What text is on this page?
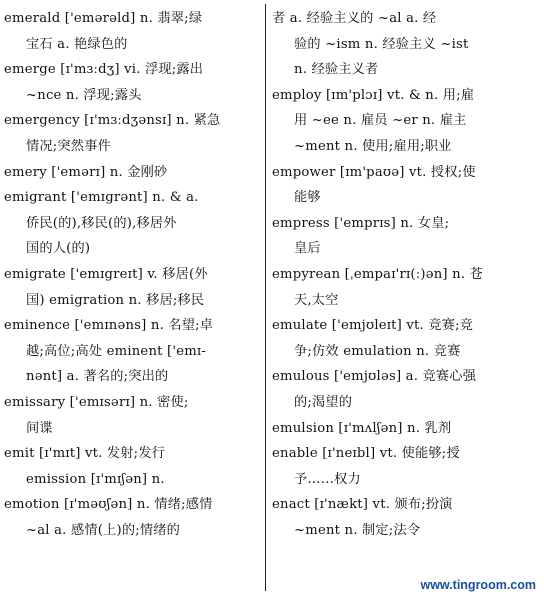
emerald ['emərəld] n. 翡翠;绿
宝石 a. 艳绿色的
emerge [ɪ'mɜːdʒ] vi. 浮现;露出
~nce n. 浮现;露头
emergency [ɪ'mɜːdʒənsɪ] n. 紧急
情况;突然事件
emery ['emərɪ] n. 金刚砂
emigrant ['emɪgrənt] n. & a.
侨民(的),移民(的),移居外
国的人(的)
emigrate ['emɪgreɪt] v. 移居(外
国) emigration n. 移居;移民
eminence ['emɪnəns] n. 名望;卓
越;高位;高处 eminent ['emɪ-
nənt] a. 著名的;突出的
emissary ['emɪsərɪ] n. 密使;
间谍
emit [ɪ'mɪt] vt. 发射;发行
emission [ɪ'mɪʃən] n.
emotion [ɪ'məʊʃən] n. 情绪;感情
~al a. 感情(上)的;情绪的
者 a. 经验主义的 ~al a. 经
验的 ~ism n. 经验主义 ~ist
n. 经验主义者
employ [ɪm'plɔɪ] vt. & n. 用;雇
用 ~ee n. 雇员 ~er n. 雇主
~ment n. 使用;雇用;职业
empower [ɪm'paʊə] vt. 授权;使
能够
empress ['emprɪs] n. 女皇;
皇后
empyrean [ˌempaɪ'rɪ(ː)ən] n. 苍
天,太空
emulate ['emjʊleɪt] vt. 竞赛;竞
争;仿效 emulation n. 竞赛
emulous ['emjʊləs] a. 竞赛心强
的;渴望的
emulsion [ɪ'mʌlʃən] n. 乳剂
enable [ɪ'neɪbl] vt. 使能够;授
予……权力
enact [ɪ'nækt] vt. 颁布;扮演
~ment n. 制定;法令
www.tingroom.com
